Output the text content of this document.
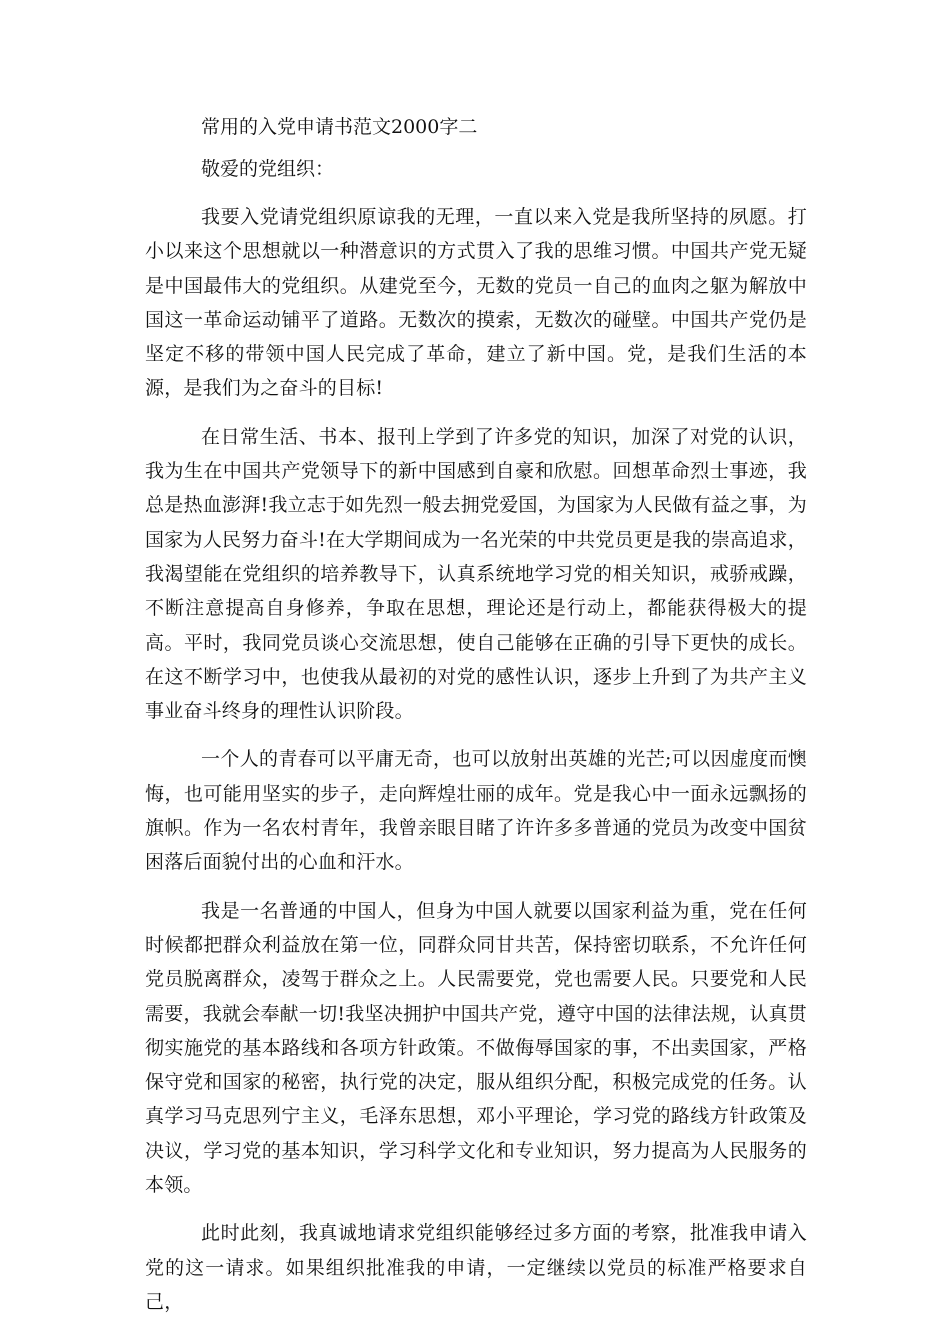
常用的入党申请书范文2000字二
敬爱的党组织：

我要入党请党组织原谅我的无理，一直以来入党是我所坚持的夙愿。打小以来这个思想就以一种潜意识的方式贯入了我的思维习惯。中国共产党无疑是中国最伟大的党组织。从建党至今，无数的党员一自己的血肉之躯为解放中国这一革命运动铺平了道路。无数次的摸索，无数次的碰壁。中国共产党仍是坚定不移的带领中国人民完成了革命，建立了新中国。党，是我们生活的本源，是我们为之奋斗的目标!

在日常生活、书本、报刊上学到了许多党的知识，加深了对党的认识，我为生在中国共产党领导下的新中国感到自豪和欣慰。回想革命烈士事迹，我总是热血澎湃!我立志于如先烈一般去拥党爱国，为国家为人民做有益之事，为国家为人民努力奋斗!在大学期间成为一名光荣的中共党员更是我的崇高追求，我渴望能在党组织的培养教导下，认真系统地学习党的相关知识，戒骄戒躁，不断注意提高自身修养，争取在思想，理论还是行动上，都能获得极大的提高。平时，我同党员谈心交流思想，使自己能够在正确的引导下更快的成长。在这不断学习中，也使我从最初的对党的感性认识，逐步上升到了为共产主义事业奋斗终身的理性认识阶段。

一个人的青春可以平庸无奇，也可以放射出英雄的光芒;可以因虚度而懊悔，也可能用坚实的步子，走向辉煌壮丽的成年。党是我心中一面永远飘扬的旗帜。作为一名农村青年，我曾亲眼目睹了许许多多普通的党员为改变中国贫困落后面貌付出的心血和汗水。

我是一名普通的中国人，但身为中国人就要以国家利益为重，党在任何时候都把群众利益放在第一位，同群众同甘共苦，保持密切联系，不允许任何党员脱离群众，凌驾于群众之上。人民需要党，党也需要人民。只要党和人民需要，我就会奉献一切!我坚决拥护中国共产党，遵守中国的法律法规，认真贯彻实施党的基本路线和各项方针政策。不做侮辱国家的事，不出卖国家，严格保守党和国家的秘密，执行党的决定，服从组织分配，积极完成党的任务。认真学习马克思列宁主义，毛泽东思想，邓小平理论，学习党的路线方针政策及决议，学习党的基本知识，学习科学文化和专业知识，努力提高为人民服务的本领。

此时此刻，我真诚地请求党组织能够经过多方面的考察，批准我申请入党的这一请求。如果组织批准我的申请，一定继续以党员的标准严格要求自己，
